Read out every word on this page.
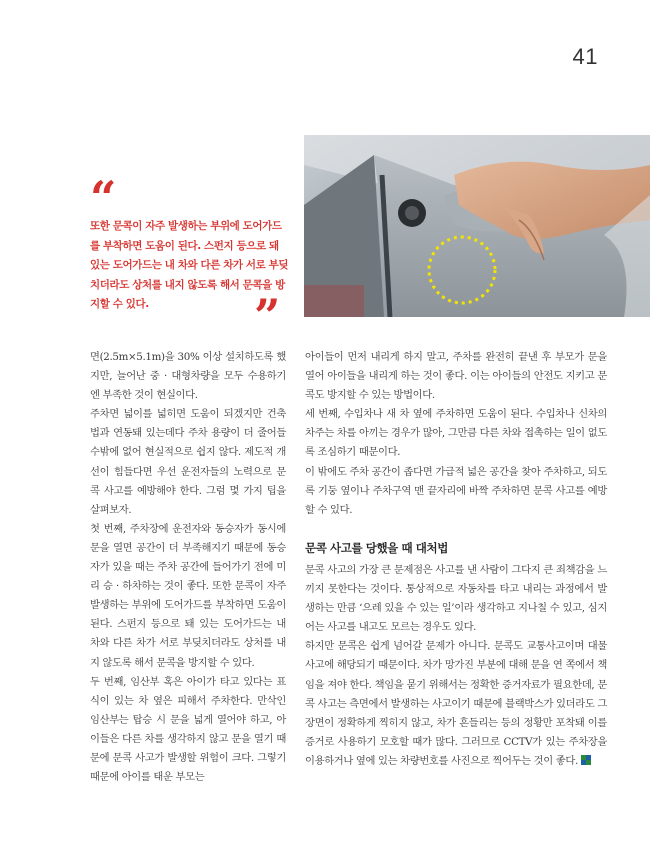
41
“
또한 문콕이 자주 발생하는 부위에 도어가드를 부착하면 도움이 된다. 스펀지 등으로 돼 있는 도어가드는 내 차와 다른 차가 서로 부딪치더라도 상처를 내지 않도록 해서 문콕을 방지할 수 있다.	”

면(2.5m×5.1m)을 30% 이상 설치하도록 했지만, 늘어난 중 · 대형차량을 모두 수용하기엔 부족한 것이 현실이다.

주차면 넓이를 넓히면 도움이 되겠지만 건축법과 연동돼 있는데다 주차 용량이 더 줄어들 수밖에 없어 현실적으로 쉽지 않다. 제도적 개선이 힘들다면 우선 운전자들의 노력으로 문콕 사고를 예방해야 한다. 그럼 몇 가지 팁을 살펴보자.

첫 번째, 주차장에 운전자와 동승자가 동시에 문을 열면 공간이 더 부족해지기 때문에 동승자가 있을 때는 주차 공간에 들어가기 전에 미리 승 · 하차하는 것이 좋다. 또한 문콕이 자주 발생하는 부위에 도어가드를 부착하면 도움이 된다. 스펀지 등으로 돼 있는 도어가드는 내 차와 다른 차가 서로 부딪치더라도 상처를 내지 않도록 해서 문콕을 방지할 수 있다.

두 번째, 임산부 혹은 아이가 타고 있다는 표식이 있는 차 옆은 피해서 주차한다. 만삭인 임산부는 탑승 시 문을 넓게 열어야 하고, 아이들은 다른 차를 생각하지 않고 문을 열기 때문에 문콕 사고가 발생할 위험이 크다. 그렇기 때문에 아이를 태운 부모는

아이들이 먼저 내리게 하지 말고, 주차를 완전히 끝낸 후 부모가 문을 열어 아이들을 내리게 하는 것이 좋다. 이는 아이들의 안전도 지키고 문콕도 방지할 수 있는 방법이다.

세 번째, 수입차나 새 차 옆에 주차하면 도움이 된다. 수입차나 신차의 차주는 차를 아끼는 경우가 많아, 그만큼 다른 차와 접촉하는 일이 없도록 조심하기 때문이다.

이 밖에도 주차 공간이 좁다면 가급적 넓은 공간을 찾아 주차하고, 되도록 기둥 옆이나 주차구역 맨 끝자리에 바짝 주차하면 문콕 사고를 예방할 수 있다.

문콕 사고를 당했을 때 대처법

문콕 사고의 가장 큰 문제점은 사고를 낸 사람이 그다지 큰 죄책감을 느끼지 못한다는 것이다. 통상적으로 자동차를 타고 내리는 과정에서 발생하는 만큼 ‘으레 있을 수 있는 일’이라 생각하고 지나칠 수 있고, 심지어는 사고를 내고도 모르는 경우도 있다.

하지만 문콕은 쉽게 넘어갈 문제가 아니다. 문콕도 교통사고이며 대물사고에 해당되기 때문이다. 차가 망가진 부분에 대해 문을 연 쪽에서 책임을 져야 한다. 책임을 묻기 위해서는 정확한 증거자료가 필요한데, 문콕 사고는 측면에서 발생하는 사고이기 때문에 블랙박스가 있더라도 그 장면이 정확하게 찍히지 않고, 차가 흔들리는 등의 정황만 포착돼 이를 증거로 사용하기 모호할 때가 많다. 그러므로 CCTV가 있는 주차장을 이용하거나 옆에 있는 차량번호를 사진으로 찍어두는 것이 좋다.
